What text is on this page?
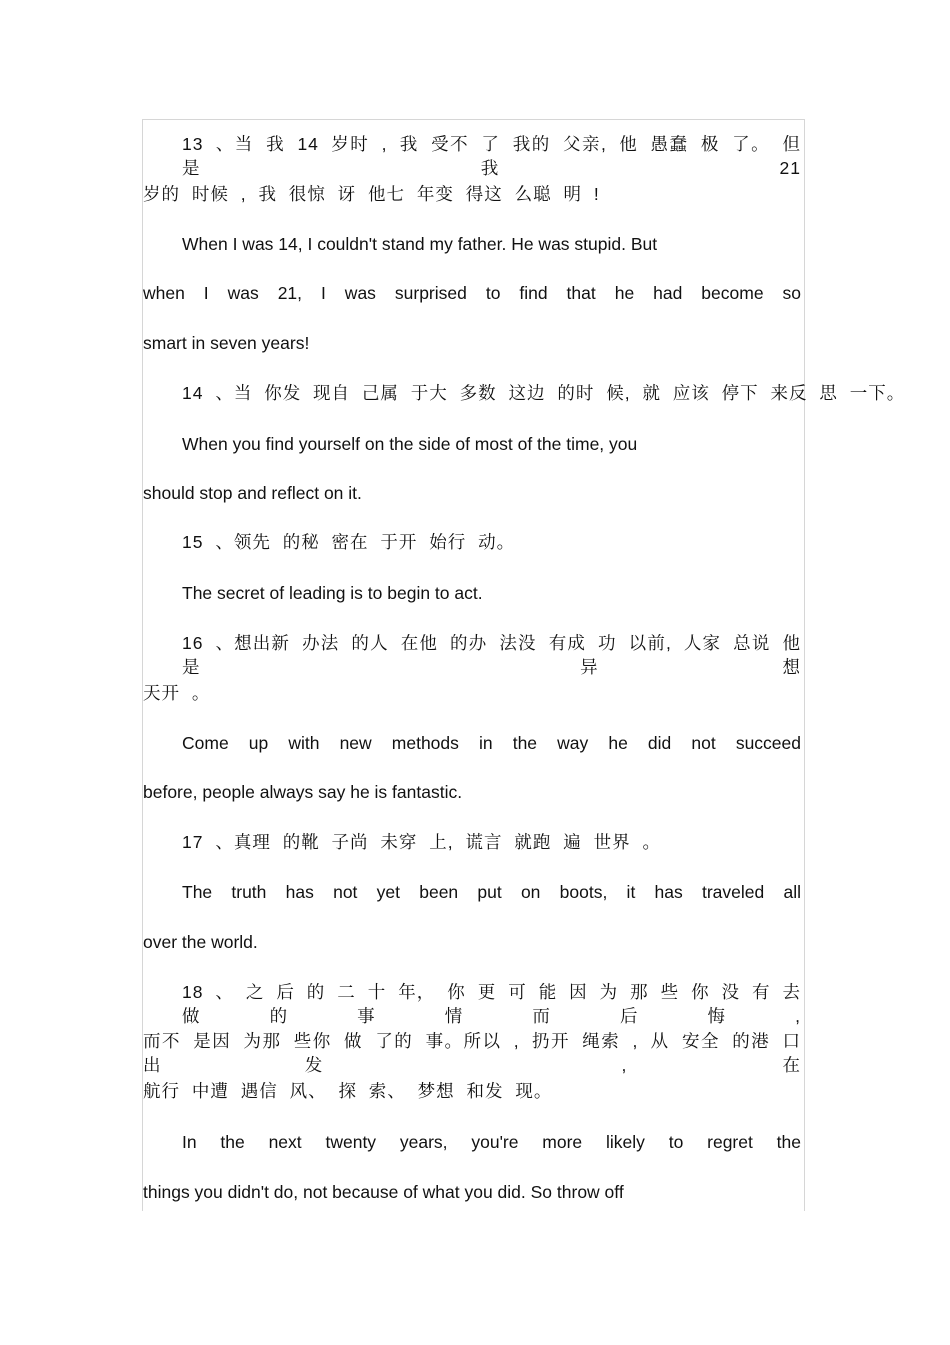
13 、当 我 14 岁时 , 我 受不 了 我的 父亲, 他 愚蠢 极 了。 但是 我 21
岁的 时候 , 我 很惊 讶 他七 年变 得这 么聪 明 !
When I was 14, I couldn't stand my father. He was stupid. But
when I was 21, I was surprised to find that he had become so
smart in seven years!
14 、当 你发 现自 己属 于大 多数 这边 的时 候, 就 应该 停下 来反 思 一下。
When you find yourself on the side of most of the time, you
should stop and reflect on it.
15 、领先 的秘 密在 于开 始行 动。
The secret of leading is to begin to act.
16 、想出新 办法 的人 在他 的办 法没 有成 功 以前, 人家 总说 他是 异想
天开 。
Come up with new methods in the way he did not succeed
before, people always say he is fantastic.
17 、真理 的靴 子尚 未穿 上, 谎言 就跑 遍 世界 。
The truth has not yet been put on boots, it has traveled all
over the world.
18 、 之 后 的 二 十 年， 你 更 可 能 因 为 那 些 你 没 有 去 做 的 事 情 而 后 悔 ,
而不 是因 为那 些你 做 了的 事。所以 , 扔开 绳索 , 从 安全 的港 口 出发 , 在
航行 中遭 遇信 风、 探 索、 梦想 和发 现。
In the next twenty years, you're more likely to regret the
things you didn't do, not because of what you did. So throw off
